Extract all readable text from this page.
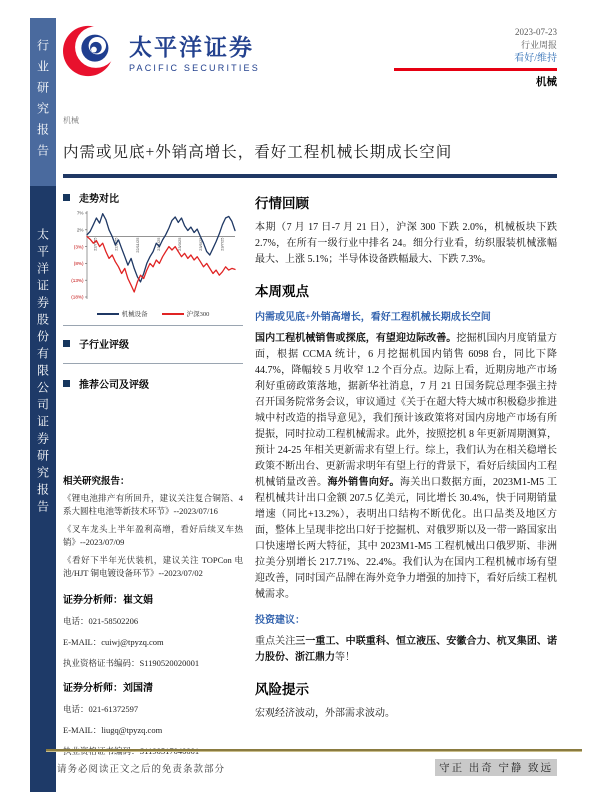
行业研究报告
太平洋证券股份有限公司证券研究报告
太平洋证券
PACIFIC SECURITIES
2023-07-23
行业周报
看好/维持
机械
机械
内需或见底+外销高增长，看好工程机械长期成长空间
走势对比
7%
2%
(3%)
(8%)
(13%)
(18%)
22/7/25	22/9/25	22/11/25	23/1/25	23/3/25	23/5/25	23/7/25
机械设备	沪深300
子行业评级
推荐公司及评级
相关研究报告：

《锂电池排产有所回升，建议关注复合铜箔、4 系大圆柱电池等新技术环节》--2023/07/16

《叉车龙头上半年盈利高增，看好后续叉车热销》--2023/07/09

《看好下半年光伏装机，建议关注 TOPCon 电池/HJT 铜电镀设备环节》--2023/07/02

证券分析师：崔文娟
电话：021-58502206
E-MAIL：cuiwj@tpyzq.com
执业资格证书编码：S1190520020001
证券分析师：刘国清
电话：021-61372597
E-MAIL：liugq@tpyzq.com
行情回顾

本期（7 月 17 日-7 月 21 日），沪深 300 下跌 2.0%，机械板块下跌 2.7%，在所有一级行业中排名 24。细分行业看，纺织服装机械涨幅最大、上涨 5.1%；半导体设备跌幅最大、下跌 7.3%。

本周观点

内需或见底+外销高增长，看好工程机械长期成长空间

国内工程机械销售或探底，有望迎边际改善。挖掘机国内月度销量方面，根据 CCMA 统计，6 月挖掘机国内销售 6098 台，同比下降 44.7%，降幅较 5 月收窄 1.2 个百分点。边际上看，近期房地产市场利好重磅政策落地，据新华社消息，7 月 21 日国务院总理李强主持召开国务院常务会议，审议通过《关于在超大特大城市积极稳步推进城中村改造的指导意见》，我们预计该政策将对国内房地产市场有所提振，同时拉动工程机械需求。此外，按照挖机 8 年更新周期测算，预计 24-25 年相关更新需求有望上行。综上，我们认为在相关稳增长政策不断出台、更新需求明年有望上行的背景下，看好后续国内工程机械销量改善。海外销售向好。海关出口数据方面，2023M1-M5 工程机械共计出口金额 207.5 亿美元，同比增长 30.4%，快于同期销量增速（同比+13.2%），表明出口结构不断优化。出口品类及地区方面，整体上呈现非挖出口好于挖掘机、对俄罗斯以及一带一路国家出口快速增长两大特征，其中 2023M1-M5 工程机械出口俄罗斯、非洲拉美分别增长 217.71%、22.4%。我们认为在国内工程机械市场有望迎改善，同时国产品牌在海外竞争力增强的加持下，看好后续工程机械需求。

投资建议：

重点关注三一重工、中联重科、恒立液压、安徽合力、杭叉集团、诺力股份、浙江鼎力等！

风险提示

宏观经济波动，外部需求波动。

请务必阅读正文之后的免责条款部分	守正 出奇 宁静 致远
